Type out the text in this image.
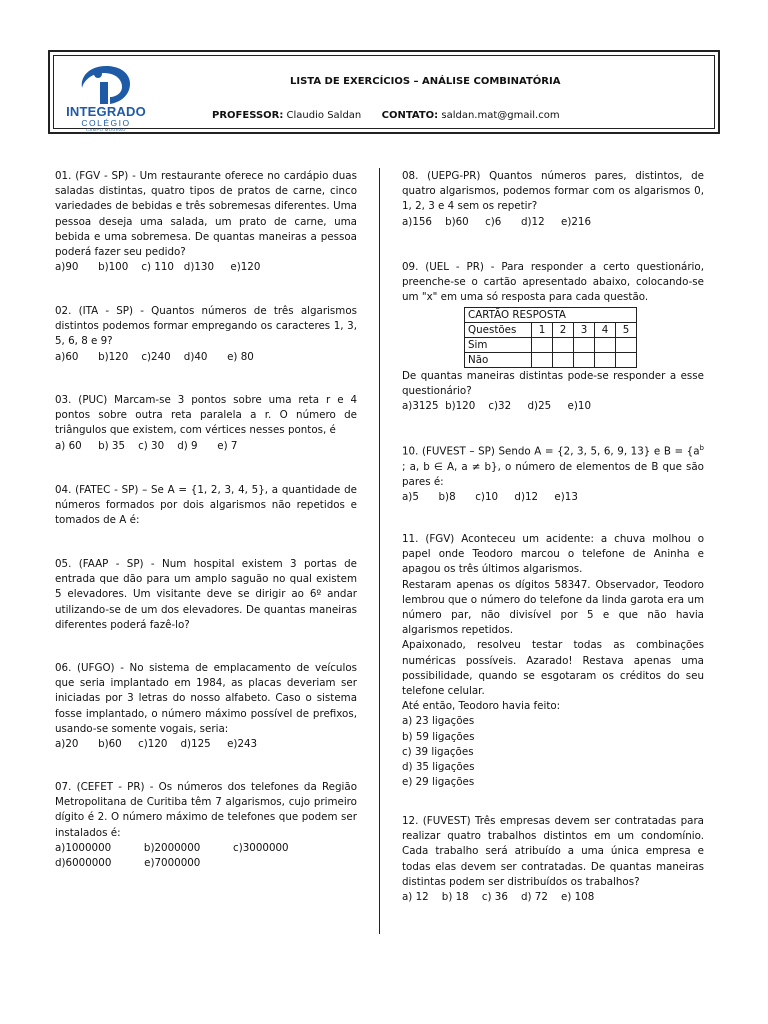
INTEGRADO
COLÉGIO
CAMPO MOURÃO
LISTA DE EXERCÍCIOS – ANÁLISE COMBINATÓRIA
PROFESSOR: Claudio Saldan CONTATO: saldan.mat@gmail.com

01. (FGV - SP) - Um restaurante oferece no cardápio duas saladas distintas, quatro tipos de pratos de carne, cinco variedades de bebidas e três sobremesas diferentes. Uma pessoa deseja uma salada, um prato de carne, uma bebida e uma sobremesa. De quantas maneiras a pessoa poderá fazer seu pedido?

a)90      b)100    c) 110   d)130     e)120

02. (ITA - SP) - Quantos números de três algarismos distintos podemos formar empregando os caracteres 1, 3, 5, 6, 8 e 9?

a)60      b)120    c)240    d)40      e) 80

03. (PUC) Marcam-se 3 pontos sobre uma reta r e 4 pontos sobre outra reta paralela a r. O número de triângulos que existem, com vértices nesses pontos, é

a) 60     b) 35    c) 30    d) 9      e) 7

04. (FATEC - SP) – Se A = {1, 2, 3, 4, 5}, a quantidade de números formados por dois algarismos não repetidos e tomados de A é:

05. (FAAP - SP) - Num hospital existem 3 portas de entrada que dão para um amplo saguão no qual existem 5 elevadores. Um visitante deve se dirigir ao 6º andar utilizando-se de um dos elevadores. De quantas maneiras diferentes poderá fazê-lo?

06. (UFGO) - No sistema de emplacamento de veículos que seria implantado em 1984, as placas deveriam ser iniciadas por 3 letras do nosso alfabeto. Caso o sistema fosse implantado, o número máximo possível de prefixos, usando-se somente vogais, seria:

a)20      b)60     c)120    d)125     e)243

07. (CEFET - PR) - Os números dos telefones da Região Metropolitana de Curitiba têm 7 algarismos, cujo primeiro dígito é 2. O número máximo de telefones que podem ser instalados é:

a)1000000          b)2000000          c)3000000
d)6000000          e)7000000

08. (UEPG-PR) Quantos números pares, distintos, de quatro algarismos, podemos formar com os algarismos 0, 1, 2, 3 e 4 sem os repetir?

a)156    b)60     c)6      d)12     e)216

09. (UEL - PR) - Para responder a certo questionário, preenche-se o cartão apresentado abaixo, colocando-se um "x" em uma só resposta para cada questão.

CARTÃO RESPOSTA					
Questões	1	2	3	4	5
Sim					
Não					

De quantas maneiras distintas pode-se responder a esse questionário?

a)3125  b)120    c)32     d)25     e)10

10. (FUVEST – SP) Sendo A = {2, 3, 5, 6, 9, 13} e $B = \{a^b$ ; a, b ∈ A, a ≠ b}, o número de elementos de B que são pares é:

a)5      b)8      c)10     d)12     e)13

11. (FGV) Aconteceu um acidente: a chuva molhou o papel onde Teodoro marcou o telefone de Aninha e apagou os três últimos algarismos.

Restaram apenas os dígitos 58347. Observador, Teodoro lembrou que o número do telefone da linda garota era um número par, não divisível por 5 e que não havia algarismos repetidos.

Apaixonado, resolveu testar todas as combinações numéricas possíveis. Azarado! Restava apenas uma possibilidade, quando se esgotaram os créditos do seu telefone celular.

Até então, Teodoro havia feito:

a) 23 ligações
b) 59 ligações
c) 39 ligações
d) 35 ligações
e) 29 ligações

12. (FUVEST) Três empresas devem ser contratadas para realizar quatro trabalhos distintos em um condomínio. Cada trabalho será atribuído a uma única empresa e todas elas devem ser contratadas. De quantas maneiras distintas podem ser distribuídos os trabalhos?

a) 12    b) 18    c) 36    d) 72    e) 108
